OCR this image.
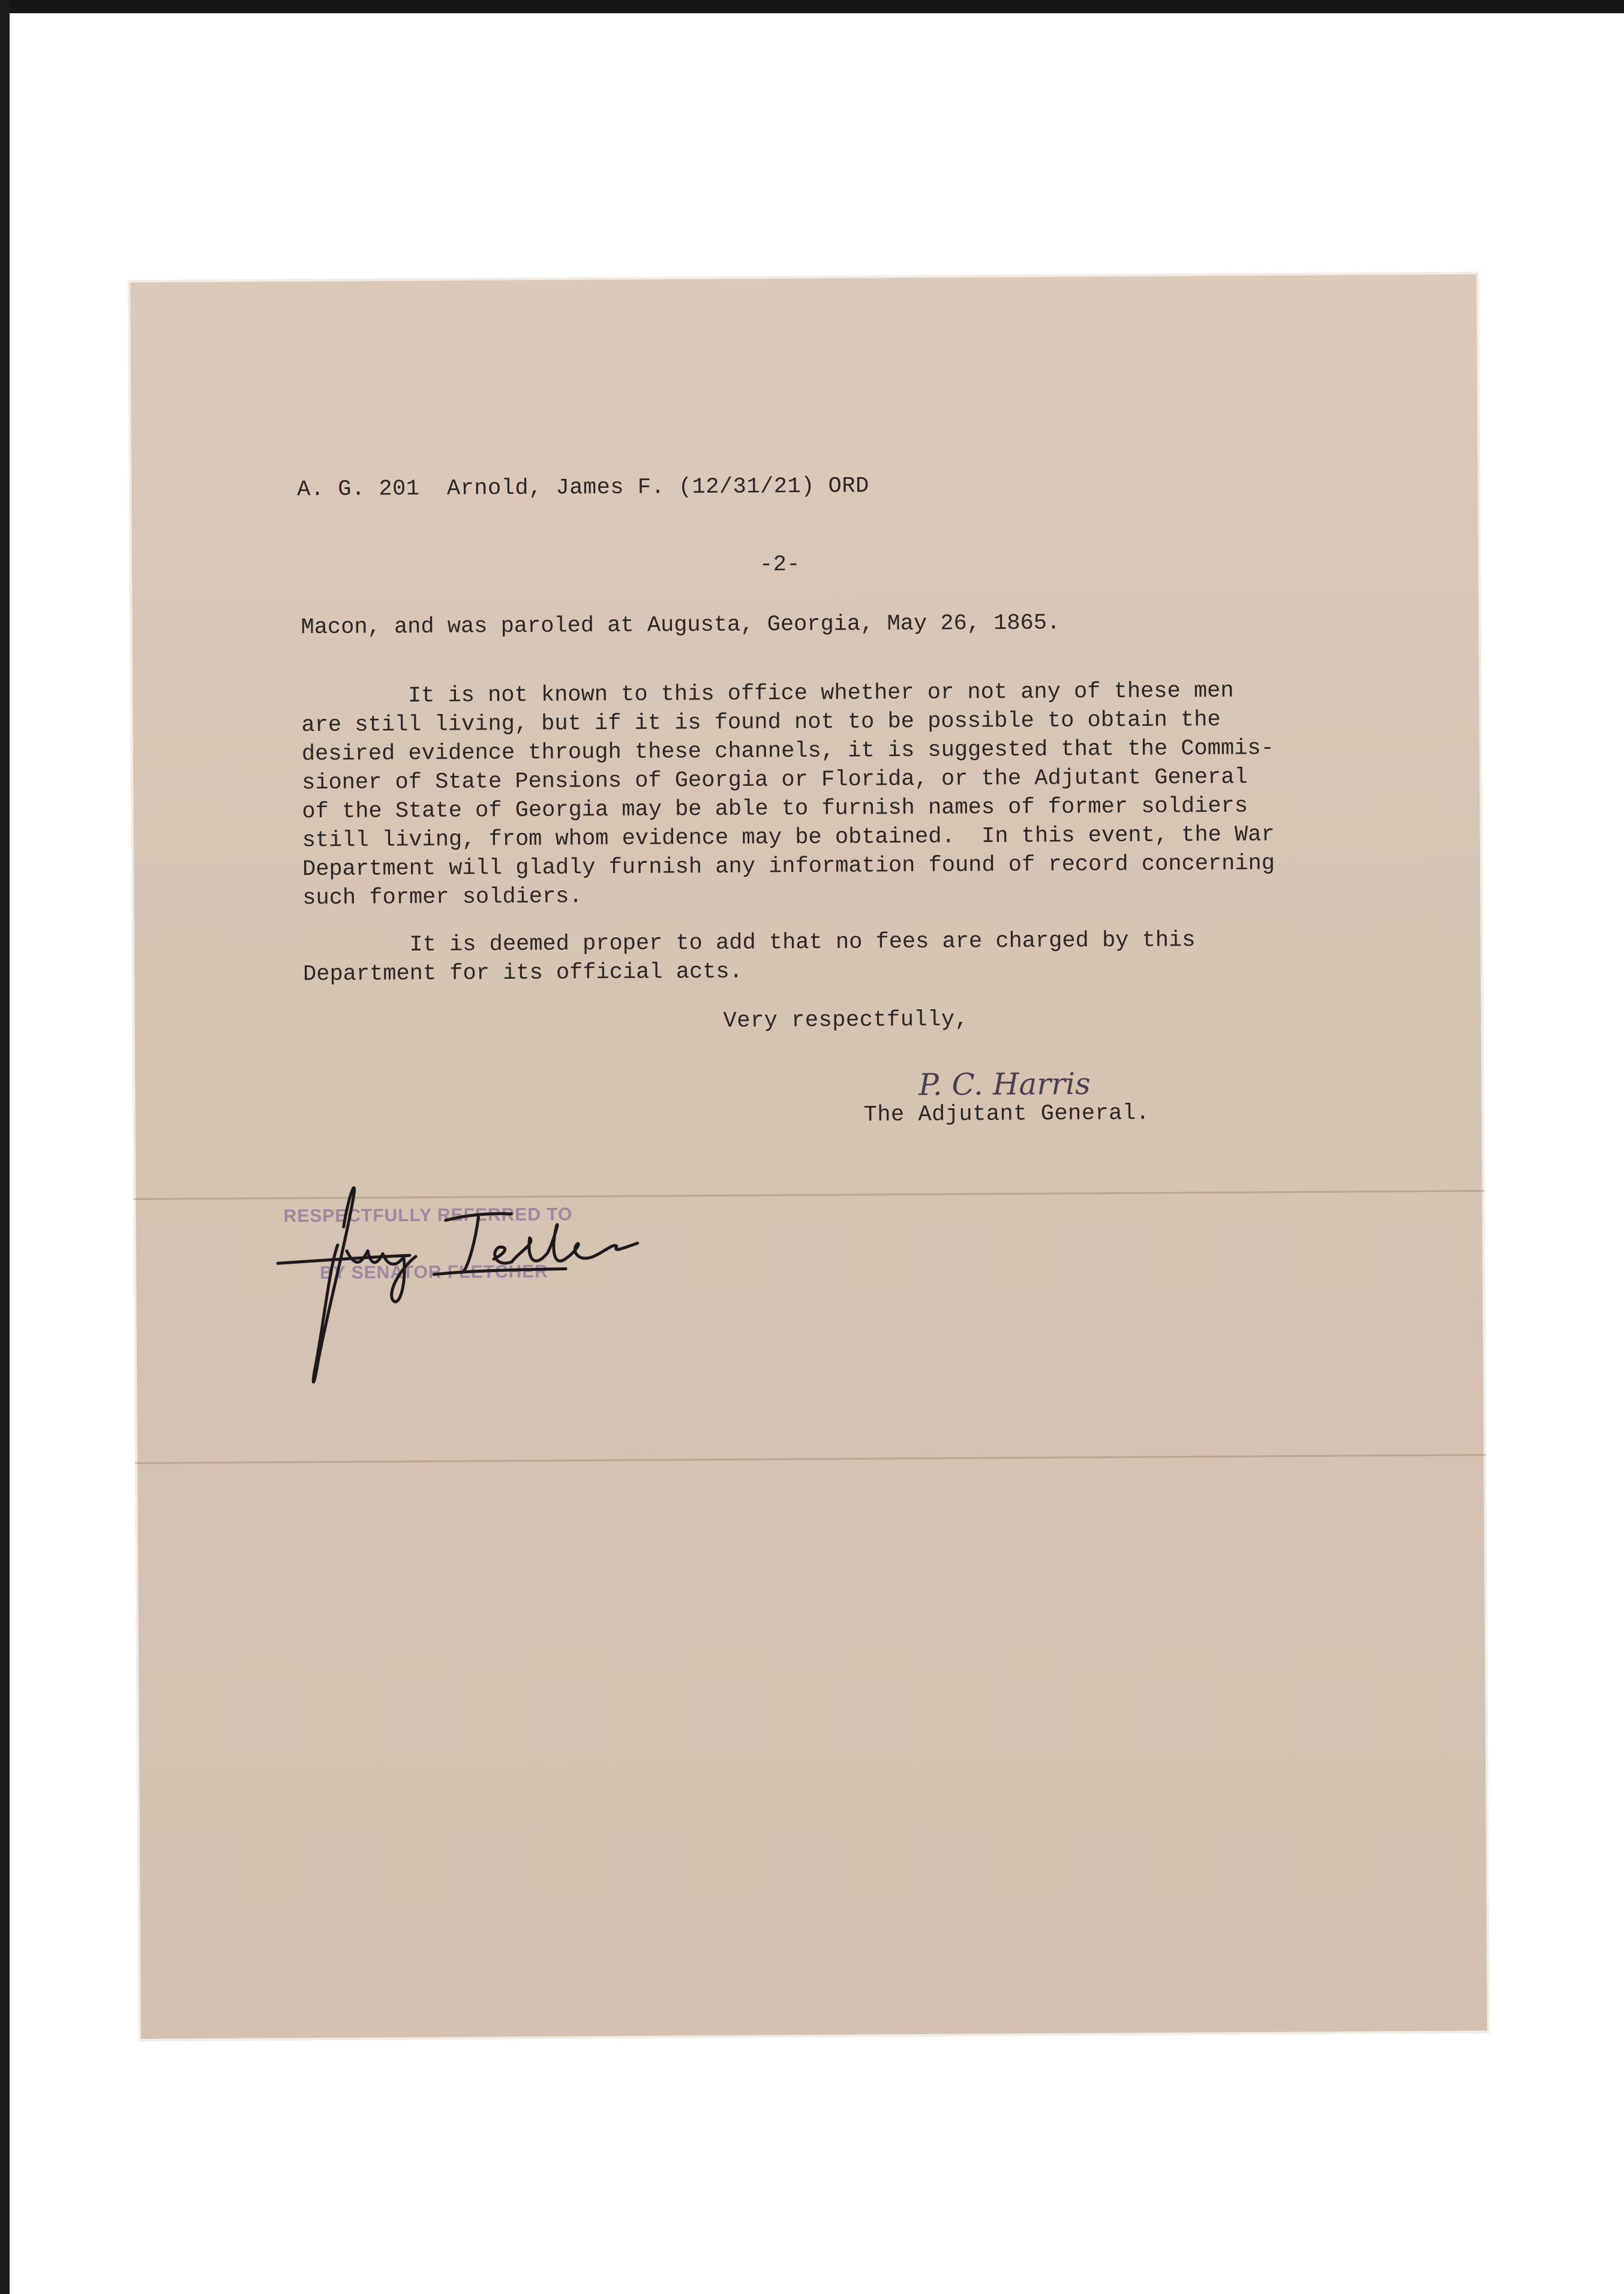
A. G. 201  Arnold, James F. (12/31/21) ORD
-2-
Macon, and was paroled at Augusta, Georgia, May 26, 1865.
It is not known to this office whether or not any of these men
are still living, but if it is found not to be possible to obtain the
desired evidence through these channels, it is suggested that the Commis-
sioner of State Pensions of Georgia or Florida, or the Adjutant General
of the State of Georgia may be able to furnish names of former soldiers
still living, from whom evidence may be obtained.  In this event, the War
Department will gladly furnish any information found of record concerning
such former soldiers.
It is deemed proper to add that no fees are charged by this
Department for its official acts.
Very respectfully,
P. C. Harris
The Adjutant General.
RESPECTFULLY REFERRED TO
BY SENATOR FLETCHER
